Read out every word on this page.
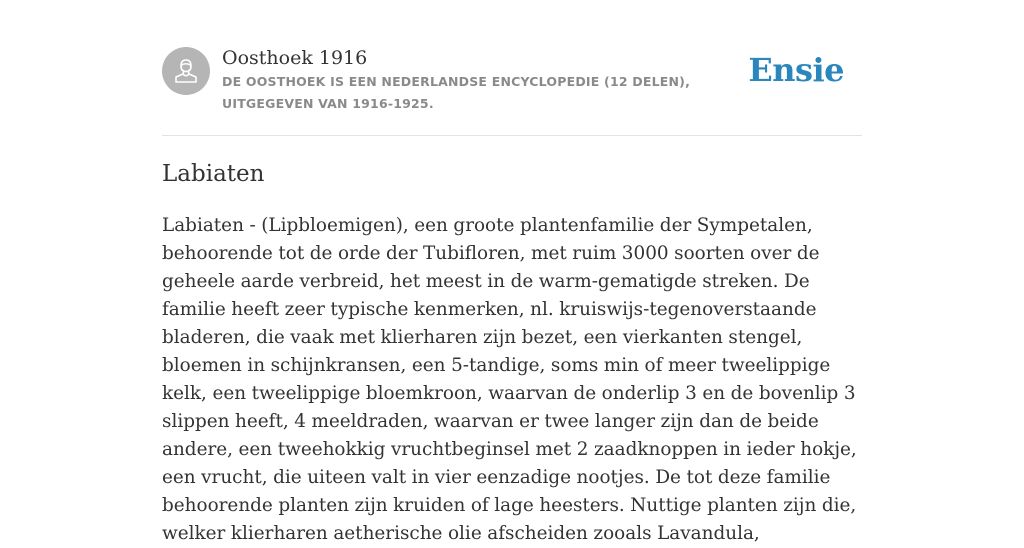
Oosthoek 1916
DE OOSTHOEK IS EEN NEDERLANDSE ENCYCLOPEDIE (12 DELEN), UITGEGEVEN VAN 1916-1925.
Ensie
Labiaten

Labiaten - (Lipbloemigen), een groote plantenfamilie der Sympetalen, behoorende tot de orde der Tubifloren, met ruim 3000 soorten over de geheele aarde verbreid, het meest in de warm-gematigde streken. De familie heeft zeer typische kenmerken, nl. kruiswijs-tegenoverstaande bladeren, die vaak met klierharen zijn bezet, een vierkanten stengel, bloemen in schijnkransen, een 5-tandige, soms min of meer tweelippige kelk, een tweelippige bloemkroon, waarvan de onderlip 3 en de bovenlip 3 slippen heeft, 4 meeldraden, waarvan er twee langer zijn dan de beide andere, een tweehokkig vruchtbeginsel met 2 zaadknoppen in ieder hokje, een vrucht, die uiteen valt in vier eenzadige nootjes. De tot deze familie behoorende planten zijn kruiden of lage heesters. Nuttige planten zijn die, welker klierharen aetherische olie afscheiden zooals Lavandula,
